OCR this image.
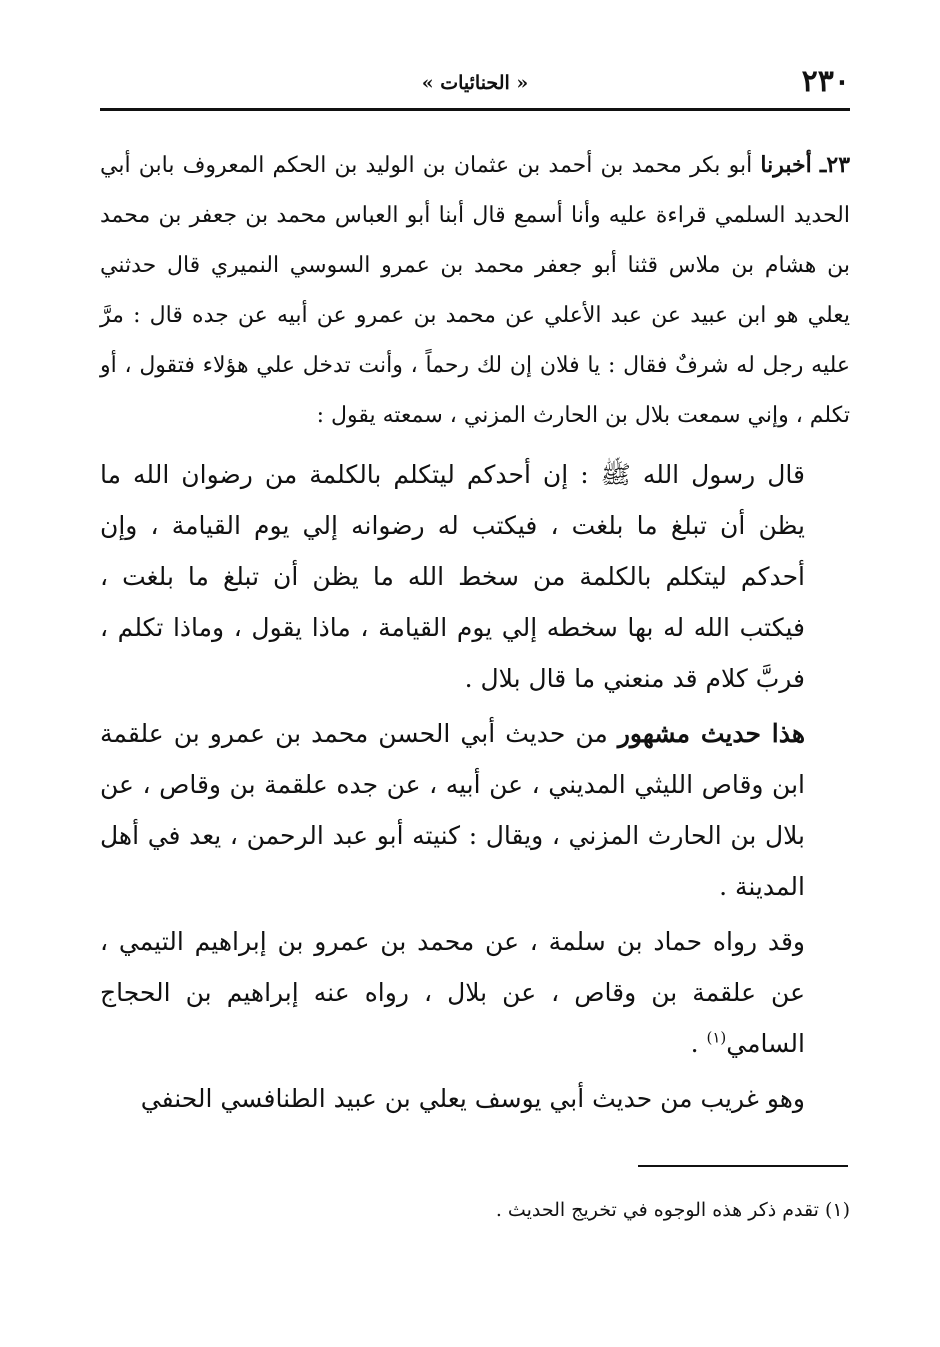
٢٣٠
« الحنائيات »

٢٣ـ أخبرنا أبو بكر محمد بن أحمد بن عثمان بن الوليد بن الحكم المعروف بابن أبي الحديد السلمي قراءة عليه وأنا أسمع قال أبنا أبو العباس محمد بن جعفر بن محمد بن هشام بن ملاس قثنا أبو جعفر محمد بن عمرو السوسي النميري قال حدثني يعلي هو ابن عبيد عن عبد الأعلي عن محمد بن عمرو عن أبيه عن جده قال : مرَّ عليه رجل له شرفٌ فقال : يا فلان إن لك رحماً ، وأنت تدخل علي هؤلاء فتقول ، أو تكلم ، وإني سمعت بلال بن الحارث المزني ، سمعته يقول :

قال رسول الله ﷺ : إن أحدكم ليتكلم بالكلمة من رضوان الله ما يظن أن تبلغ ما بلغت ، فيكتب له رضوانه إلي يوم القيامة ، وإن أحدكم ليتكلم بالكلمة من سخط الله ما يظن أن تبلغ ما بلغت ، فيكتب الله له بها سخطه إلي يوم القيامة ، ماذا يقول ، وماذا تكلم ، فربَّ كلام قد منعني ما قال بلال .

هذا حديث مشهور من حديث أبي الحسن محمد بن عمرو بن علقمة ابن وقاص الليثي المديني ، عن أبيه ، عن جده علقمة بن وقاص ، عن بلال بن الحارث المزني ، ويقال : كنيته أبو عبد الرحمن ، يعد في أهل المدينة .

وقد رواه حماد بن سلمة ، عن محمد بن عمرو بن إبراهيم التيمي ، عن علقمة بن وقاص ، عن بلال ، رواه عنه إبراهيم بن الحجاج السامي$^{(١)}$ .

وهو غريب من حديث أبي يوسف يعلي بن عبيد الطنافسي الحنفي

(١) تقدم ذكر هذه الوجوه في تخريج الحديث .
